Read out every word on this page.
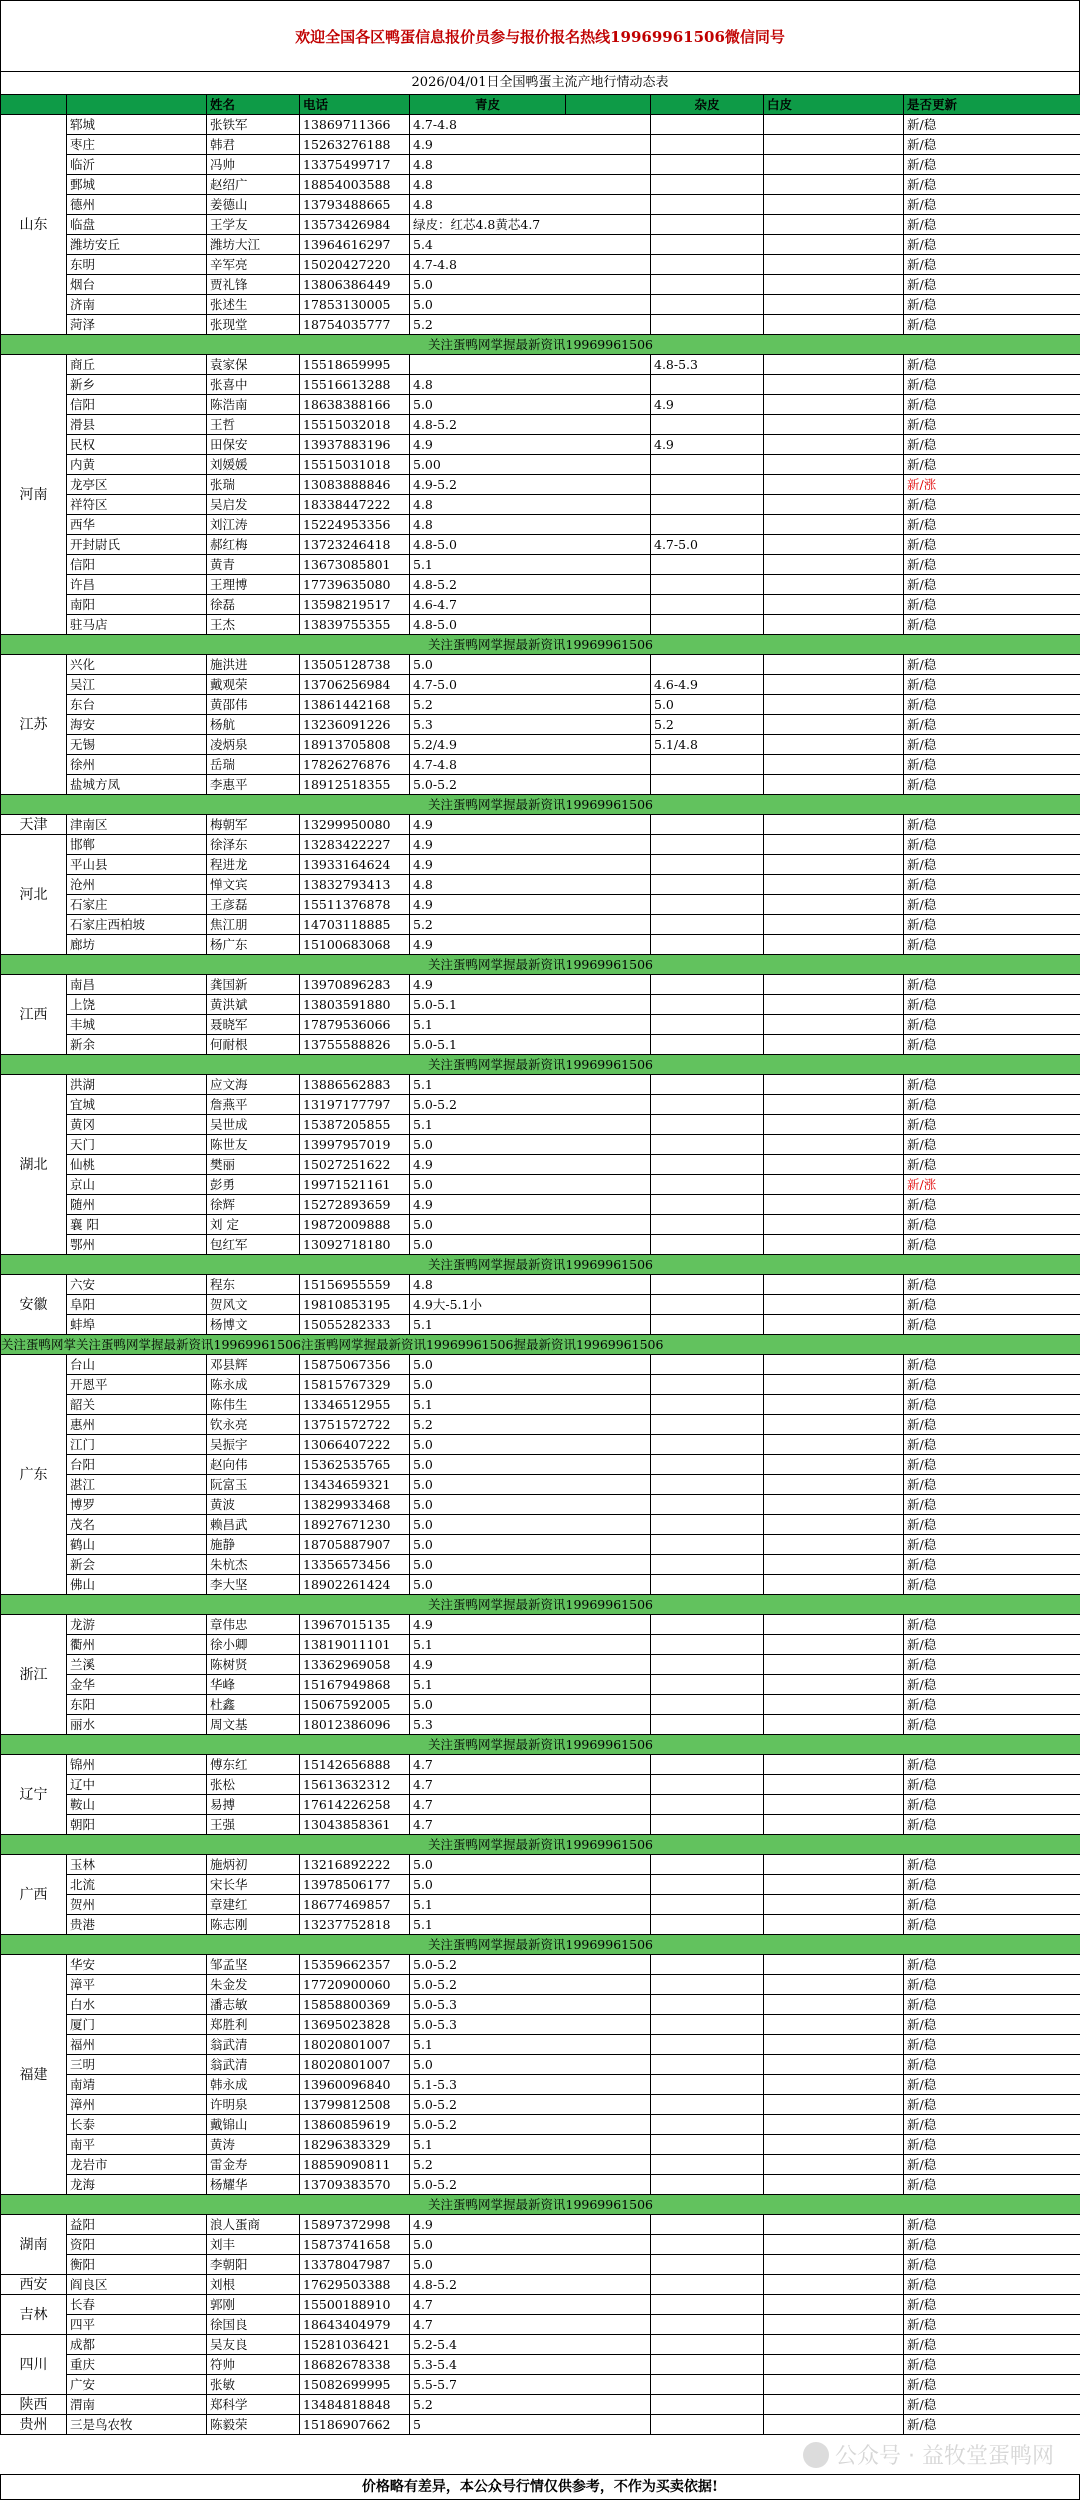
欢迎全国各区鸭蛋信息报价员参与报价报名热线19969961506微信同号
2026/04/01日全国鸭蛋主流产地行情动态表
		姓名	电话	青皮		杂皮	白皮	是否更新
山东	郓城	张铁军	13869711366	4.7-4.8				新/稳
	枣庄	韩君	15263276188	4.9				新/稳
	临沂	冯帅	13375499717	4.8				新/稳
	鄄城	赵绍广	18854003588	4.8				新/稳
	德州	姜德山	13793488665	4.8				新/稳
	临盘	王学友	13573426984	绿皮：红芯4.8黄芯4.7				新/稳
	潍坊安丘	潍坊大江	13964616297	5.4				新/稳
	东明	辛军亮	15020427220	4.7-4.8				新/稳
	烟台	贾礼锋	13806386449	5.0				新/稳
	济南	张述生	17853130005	5.0				新/稳
	菏泽	张现堂	18754035777	5.2				新/稳
关注蛋鸭网掌握最新资讯19969961506								
河南	商丘	袁家保	15518659995			4.8-5.3		新/稳
	新乡	张喜中	15516613288	4.8				新/稳
	信阳	陈浩南	18638388166	5.0		4.9		新/稳
	滑县	王哲	15515032018	4.8-5.2				新/稳
	民权	田保安	13937883196	4.9		4.9		新/稳
	内黄	刘媛媛	15515031018	5.00				新/稳
	龙亭区	张瑞	13083888846	4.9-5.2				新/涨
	祥符区	吴启发	18338447222	4.8				新/稳
	西华	刘江涛	15224953356	4.8				新/稳
	开封尉氏	郝红梅	13723246418	4.8-5.0		4.7-5.0		新/稳
	信阳	黄青	13673085801	5.1				新/稳
	许昌	王理博	17739635080	4.8-5.2				新/稳
	南阳	徐磊	13598219517	4.6-4.7				新/稳
	驻马店	王杰	13839755355	4.8-5.0				新/稳
关注蛋鸭网掌握最新资讯19969961506								
江苏	兴化	施洪进	13505128738	5.0				新/稳
	吴江	戴观荣	13706256984	4.7-5.0		4.6-4.9		新/稳
	东台	黄邵伟	13861442168	5.2		5.0		新/稳
	海安	杨航	13236091226	5.3		5.2		新/稳
	无锡	凌炳泉	18913705808	5.2/4.9		5.1/4.8		新/稳
	徐州	岳瑞	17826276876	4.7-4.8				新/稳
	盐城方凤	李惠平	18912518355	5.0-5.2				新/稳
关注蛋鸭网掌握最新资讯19969961506								
天津	津南区	梅朝军	13299950080	4.9				新/稳
河北	邯郸	徐泽东	13283422227	4.9				新/稳
	平山县	程进龙	13933164624	4.9				新/稳
	沧州	惮文宾	13832793413	4.8				新/稳
	石家庄	王彦磊	15511376878	4.9				新/稳
	石家庄西柏坡	焦江朋	14703118885	5.2				新/稳
	廊坊	杨广东	15100683068	4.9				新/稳
关注蛋鸭网掌握最新资讯19969961506								
江西	南昌	龚国新	13970896283	4.9				新/稳
	上饶	黄洪斌	13803591880	5.0-5.1				新/稳
	丰城	聂晓军	17879536066	5.1				新/稳
	新余	何耐根	13755588826	5.0-5.1				新/稳
关注蛋鸭网掌握最新资讯19969961506								
湖北	洪湖	应文海	13886562883	5.1				新/稳
	宜城	詹燕平	13197177797	5.0-5.2				新/稳
	黄冈	吴世成	15387205855	5.1				新/稳
	天门	陈世友	13997957019	5.0				新/稳
	仙桃	樊丽	15027251622	4.9				新/稳
	京山	彭勇	19971521161	5.0				新/涨
	随州	徐辉	15272893659	4.9				新/稳
	襄 阳	刘 定	19872009888	5.0				新/稳
	鄂州	包红军	13092718180	5.0				新/稳
关注蛋鸭网掌握最新资讯19969961506								
安徽	六安	程东	15156955559	4.8				新/稳
	阜阳	贺风文	19810853195	4.9大-5.1小				新/稳
	蚌埠	杨博文	15055282333	5.1				新/稳
关注蛋鸭网掌关注蛋鸭网掌握最新资讯19969961506注蛋鸭网掌握最新资讯19969961506握最新资讯19969961506								
广东	台山	邓县辉	15875067356	5.0				新/稳
	开恩平	陈永成	15815767329	5.0				新/稳
	韶关	陈伟生	13346512955	5.1				新/稳
	惠州	钦永亮	13751572722	5.2				新/稳
	江门	吴振宇	13066407222	5.0				新/稳
	台阳	赵向伟	15362535765	5.0				新/稳
	湛江	阮富玉	13434659321	5.0				新/稳
	博罗	黄波	13829933468	5.0				新/稳
	茂名	赖昌武	18927671230	5.0				新/稳
	鹤山	施静	18705887907	5.0				新/稳
	新会	朱杭杰	13356573456	5.0				新/稳
	佛山	李大坚	18902261424	5.0				新/稳
关注蛋鸭网掌握最新资讯19969961506								
浙江	龙游	章伟忠	13967015135	4.9				新/稳
	衢州	徐小卿	13819011101	5.1				新/稳
	兰溪	陈树贤	13362969058	4.9				新/稳
	金华	华峰	15167949868	5.1				新/稳
	东阳	杜鑫	15067592005	5.0				新/稳
	丽水	周文基	18012386096	5.3				新/稳
关注蛋鸭网掌握最新资讯19969961506								
辽宁	锦州	傅东红	15142656888	4.7				新/稳
	辽中	张松	15613632312	4.7				新/稳
	鞍山	易搏	17614226258	4.7				新/稳
	朝阳	王强	13043858361	4.7				新/稳
关注蛋鸭网掌握最新资讯19969961506								
广西	玉林	施炳初	13216892222	5.0				新/稳
	北流	宋长华	13978506177	5.0				新/稳
	贺州	章建红	18677469857	5.1				新/稳
	贵港	陈志刚	13237752818	5.1				新/稳
关注蛋鸭网掌握最新资讯19969961506								
福建	华安	邹孟坚	15359662357	5.0-5.2				新/稳
	漳平	朱金发	17720900060	5.0-5.2				新/稳
	白水	潘志敏	15858800369	5.0-5.3				新/稳
	厦门	郑胜利	13695023828	5.0-5.3				新/稳
	福州	翁武清	18020801007	5.1				新/稳
	三明	翁武清	18020801007	5.0				新/稳
	南靖	韩永成	13960096840	5.1-5.3				新/稳
	漳州	许明泉	13799812508	5.0-5.2				新/稳
	长泰	戴锦山	13860859619	5.0-5.2				新/稳
	南平	黄涛	18296383329	5.1				新/稳
	龙岩市	雷金寿	18859090811	5.2				新/稳
	龙海	杨耀华	13709383570	5.0-5.2				新/稳
关注蛋鸭网掌握最新资讯19969961506								
湖南	益阳	浪人蛋商	15897372998	4.9				新/稳
	资阳	刘丰	15873741658	5.0				新/稳
	衡阳	李朝阳	13378047987	5.0				新/稳
西安	阎良区	刘根	17629503388	4.8-5.2				新/稳
吉林	长春	郭刚	15500188910	4.7				新/稳
	四平	徐国良	18643404979	4.7				新/稳
四川	成都	吴友良	15281036421	5.2-5.4				新/稳
	重庆	符帅	18682678338	5.3-5.4				新/稳
	广安	张敏	15082699995	5.5-5.7				新/稳
陕西	渭南	郑科学	13484818848	5.2				新/稳
贵州	三是鸟农牧	陈毅荣	15186907662	5				新/稳
公众号 · 益牧堂蛋鸭网
价格略有差异，本公众号行情仅供参考，不作为买卖依据!
